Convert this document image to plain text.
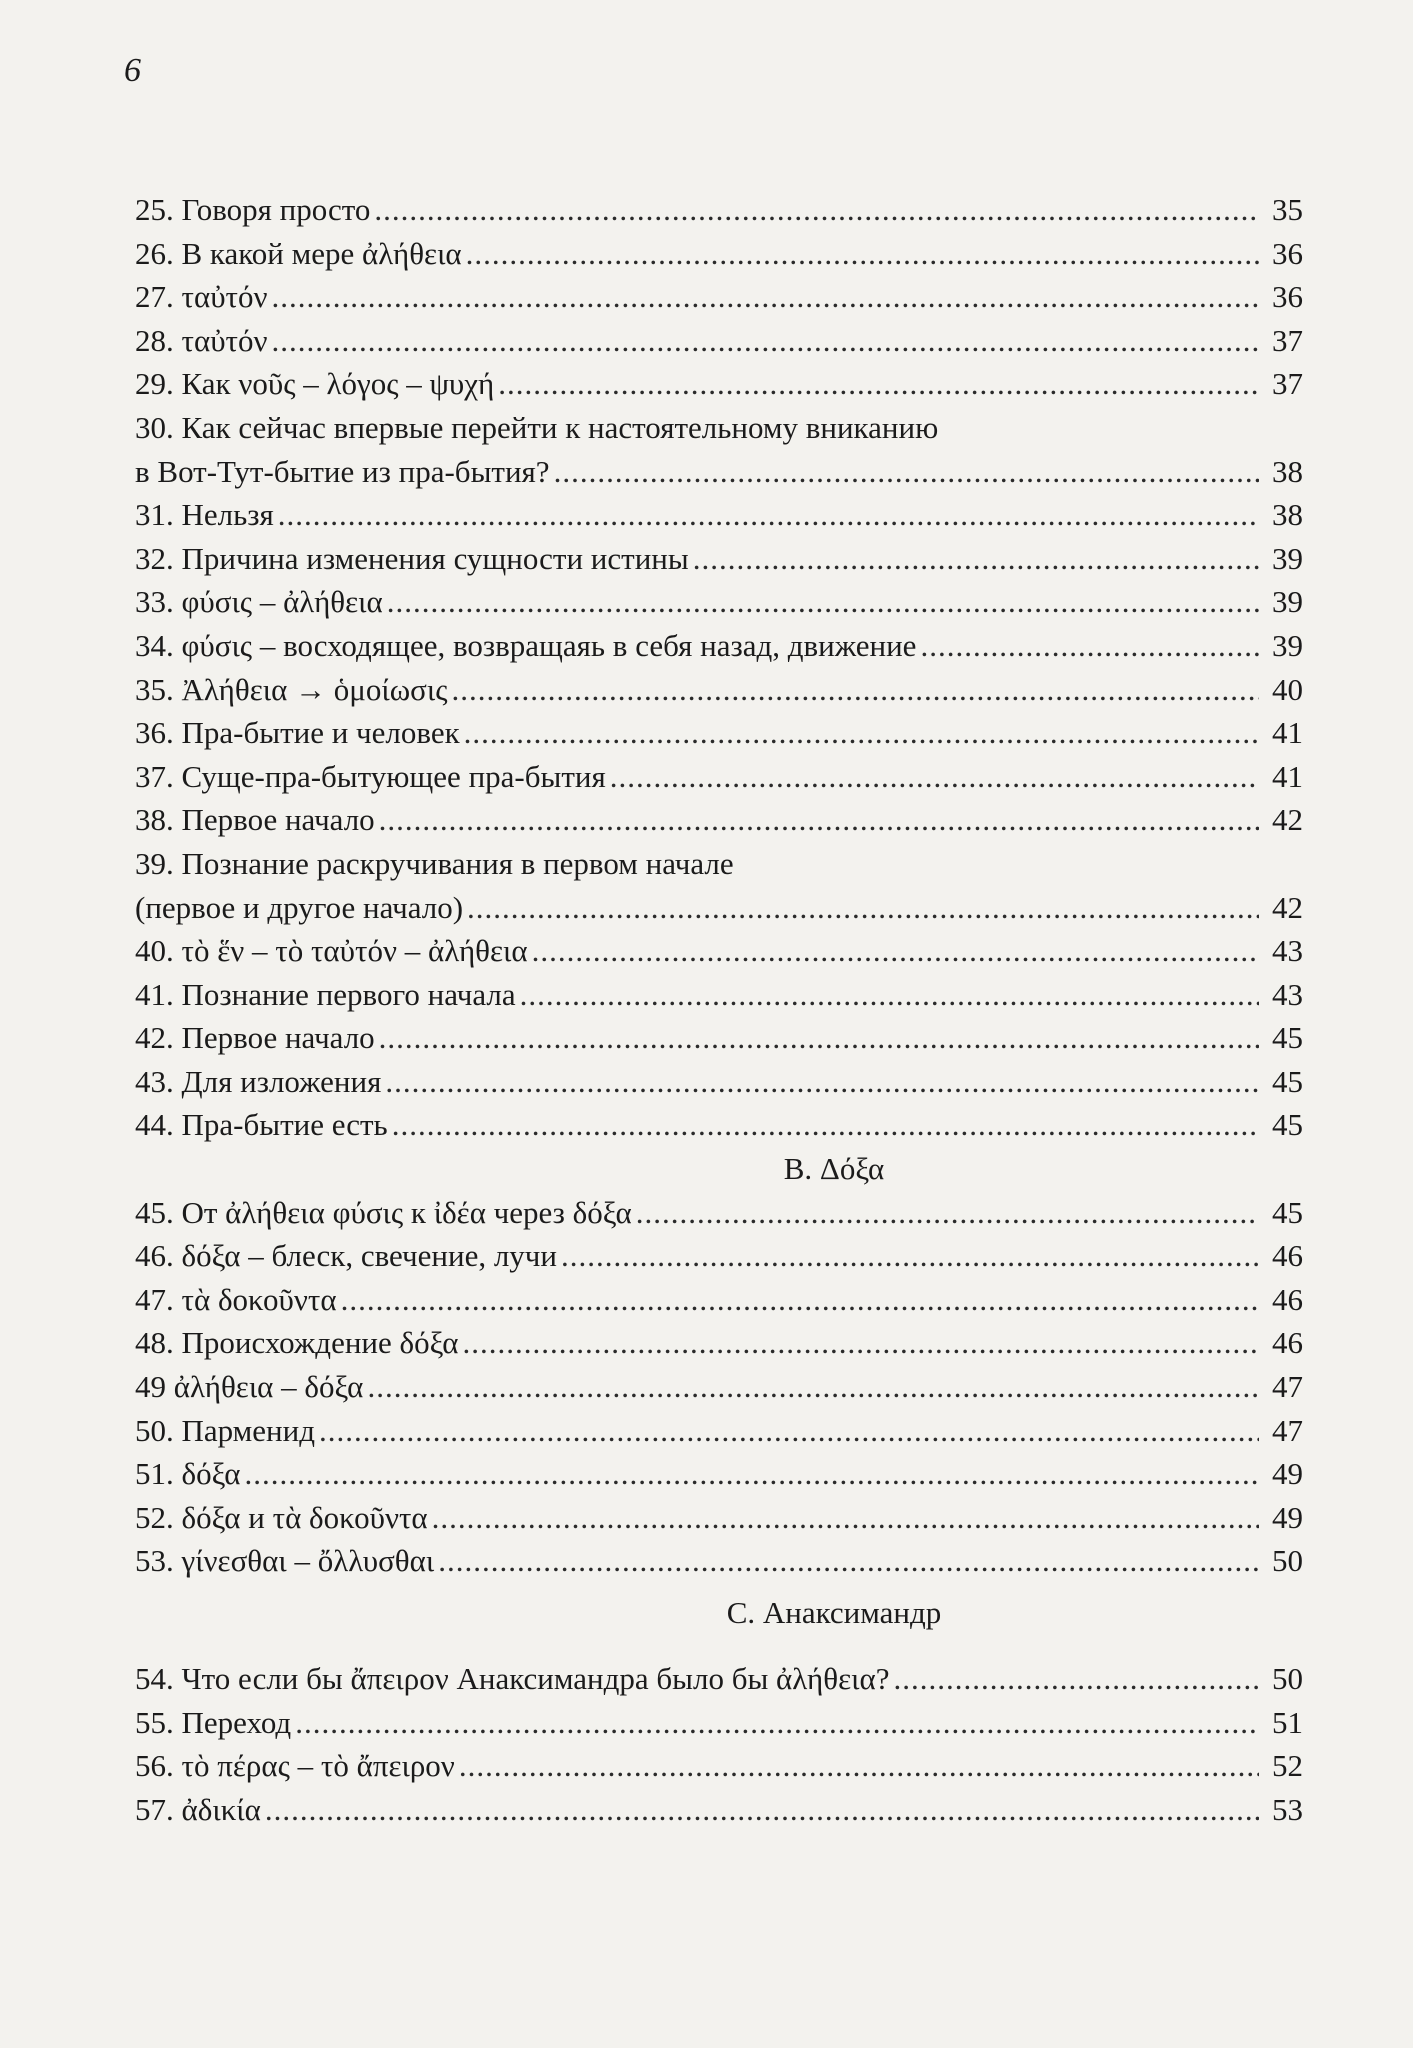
6
25. Говоря просто .....	35
26. В какой мере ἀλήθεια .....	36
27. ταὐτόν .....	36
28. ταὐτόν .....	37
29. Как νοῦς – λόγος – ψυχή .....	37
30. Как сейчас впервые перейти к настоятельному вниканию
в Вот-Тут-бытие из пра-бытия? .....	38
31. Нельзя .....	38
32. Причина изменения сущности истины .....	39
33. φύσις – ἀλήθεια .....	39
34. φύσις – восходящее, возвращаяь в себя назад, движение .....	39
35. Ἀλήθεια → ὁμοίωσις .....	40
36. Пра-бытие и человек .....	41
37. Суще-пра-бытующее пра-бытия .....	41
38. Первое начало .....	42
39. Познание раскручивания в первом начале
(первое и другое начало) .....	42
40. τὸ ἕν – τὸ ταὐτόν – ἀλήθεια .....	43
41. Познание первого начала .....	43
42. Первое начало .....	45
43. Для изложения .....	45
44. Пра-бытие есть .....	45
B. Δόξα
45. От ἀλήθεια φύσις к ἰδέα через δόξα .....	45
46. δόξα – блеск, свечение, лучи .....	46
47. τὰ δοκοῦντα .....	46
48. Происхождение δόξα .....	46
49 ἀλήθεια – δόξα .....	47
50. Парменид .....	47
51. δόξα .....	49
52. δόξα и τὰ δοκοῦντα .....	49
53. γίνεσθαι – ὄλλυσθαι .....	50
C. Анаксимандр
54. Что если бы ἄπειρον Анаксимандра было бы ἀλήθεια? .....	50
55. Переход .....	51
56. τὸ πέρας – τὸ ἄπειρον .....	52
57. ἀδικία .....	53
